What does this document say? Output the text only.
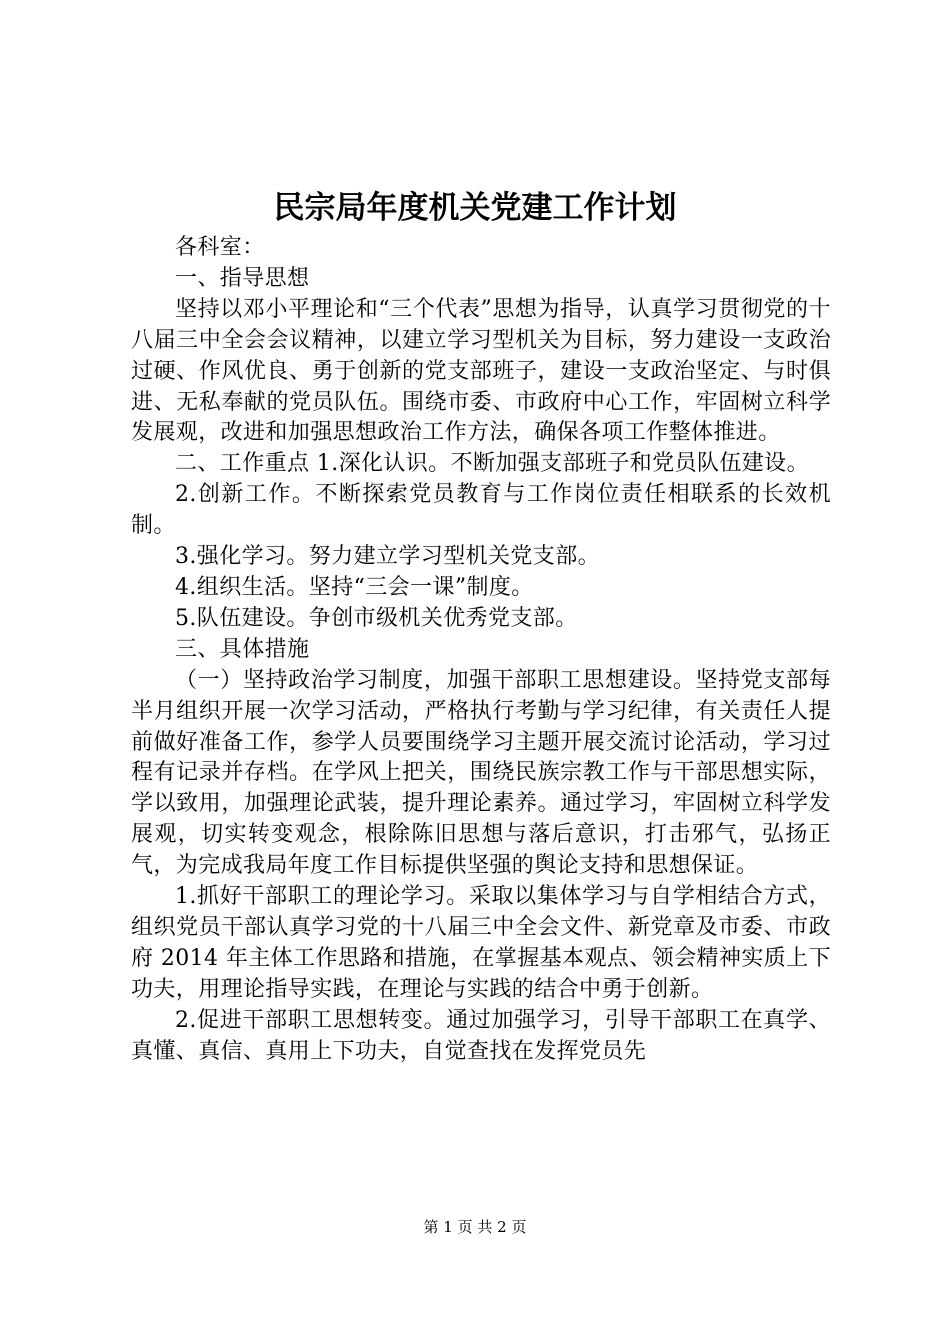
民宗局年度机关党建工作计划

各科室：

一、指导思想

坚持以邓小平理论和“三个代表”思想为指导，认真学习贯彻党的十八届三中全会会议精神，以建立学习型机关为目标，努力建设一支政治过硬、作风优良、勇于创新的党支部班子，建设一支政治坚定、与时俱进、无私奉献的党员队伍。围绕市委、市政府中心工作，牢固树立科学发展观，改进和加强思想政治工作方法，确保各项工作整体推进。

二、工作重点 1.深化认识。不断加强支部班子和党员队伍建设。

2.创新工作。不断探索党员教育与工作岗位责任相联系的长效机制。

3.强化学习。努力建立学习型机关党支部。

4.组织生活。坚持“三会一课”制度。

5.队伍建设。争创市级机关优秀党支部。

三、具体措施

（一）坚持政治学习制度，加强干部职工思想建设。坚持党支部每半月组织开展一次学习活动，严格执行考勤与学习纪律，有关责任人提前做好准备工作，参学人员要围绕学习主题开展交流讨论活动，学习过程有记录并存档。在学风上把关，围绕民族宗教工作与干部思想实际，学以致用，加强理论武装，提升理论素养。通过学习，牢固树立科学发展观，切实转变观念，根除陈旧思想与落后意识，打击邪气，弘扬正气，为完成我局年度工作目标提供坚强的舆论支持和思想保证。

1.抓好干部职工的理论学习。采取以集体学习与自学相结合方式，组织党员干部认真学习党的十八届三中全会文件、新党章及市委、市政府 2014 年主体工作思路和措施，在掌握基本观点、领会精神实质上下功夫，用理论指导实践，在理论与实践的结合中勇于创新。

2.促进干部职工思想转变。通过加强学习，引导干部职工在真学、真懂、真信、真用上下功夫，自觉查找在发挥党员先

第 1 页 共 2 页
